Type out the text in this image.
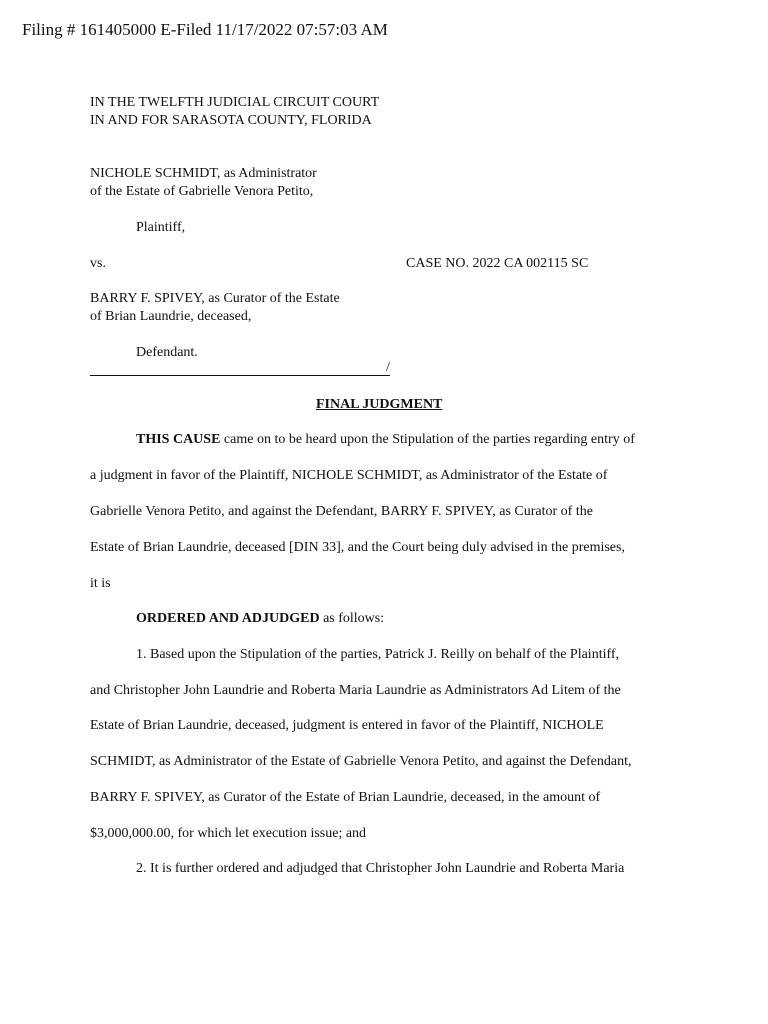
Filing # 161405000 E-Filed 11/17/2022 07:57:03 AM
IN THE TWELFTH JUDICIAL CIRCUIT COURT
IN AND FOR SARASOTA COUNTY, FLORIDA
NICHOLE SCHMIDT, as Administrator
of the Estate of Gabrielle Venora Petito,
Plaintiff,
vs.	CASE NO. 2022 CA 002115 SC
BARRY F. SPIVEY, as Curator of the Estate
of Brian Laundrie, deceased,
Defendant.
/
FINAL JUDGMENT
THIS CAUSE came on to be heard upon the Stipulation of the parties regarding entry of
a judgment in favor of the Plaintiff, NICHOLE SCHMIDT, as Administrator of the Estate of
Gabrielle Venora Petito, and against the Defendant, BARRY F. SPIVEY, as Curator of the
Estate of Brian Laundrie, deceased [DIN 33], and the Court being duly advised in the premises,
it is
ORDERED AND ADJUDGED as follows:
1. Based upon the Stipulation of the parties, Patrick J. Reilly on behalf of the Plaintiff,
and Christopher John Laundrie and Roberta Maria Laundrie as Administrators Ad Litem of the
Estate of Brian Laundrie, deceased, judgment is entered in favor of the Plaintiff, NICHOLE
SCHMIDT, as Administrator of the Estate of Gabrielle Venora Petito, and against the Defendant,
BARRY F. SPIVEY, as Curator of the Estate of Brian Laundrie, deceased, in the amount of
$3,000,000.00, for which let execution issue; and
2. It is further ordered and adjudged that Christopher John Laundrie and Roberta Maria
